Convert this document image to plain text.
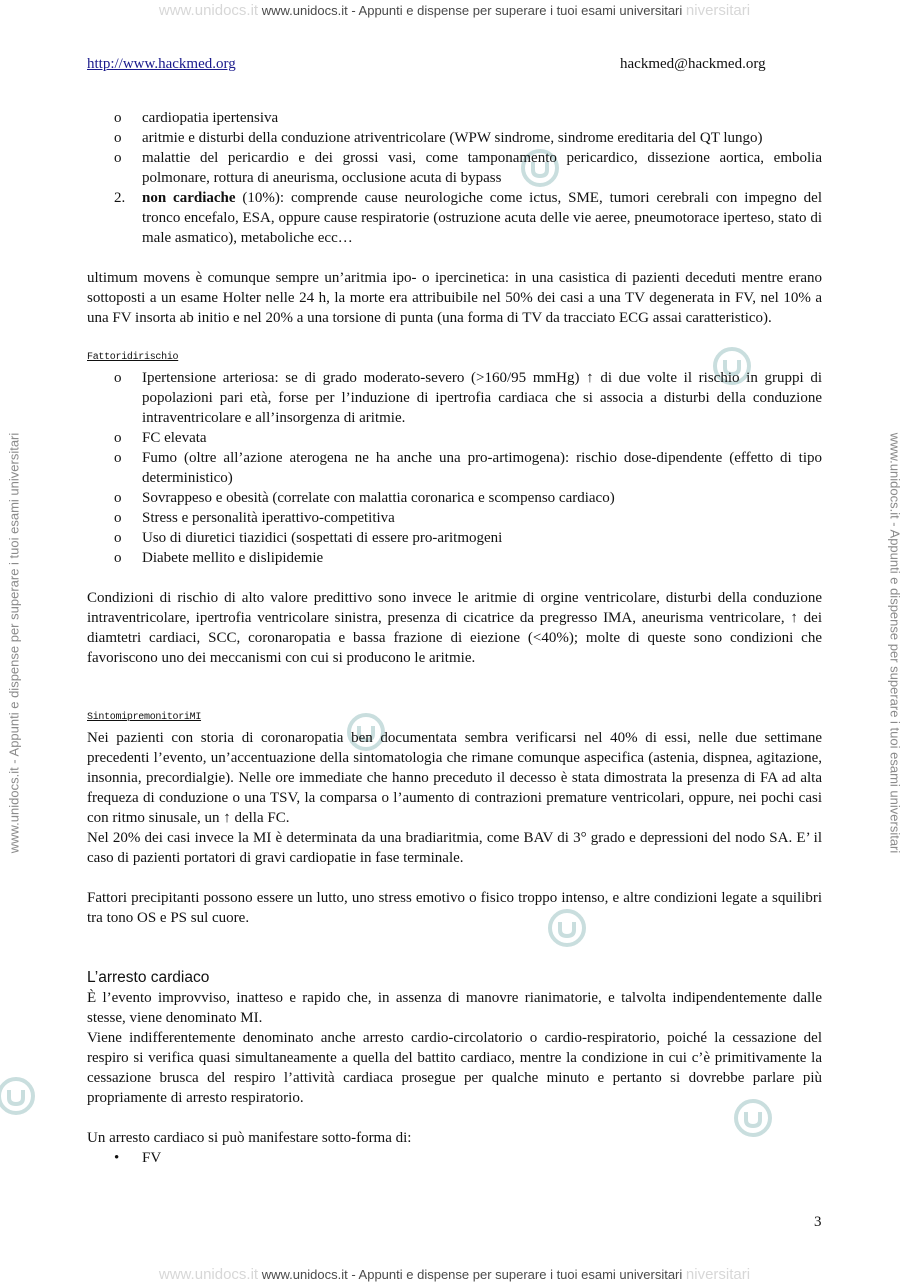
www.unidocs.it www.unidocs.it - Appunti e dispense per superare i tuoi esami universitari niversitari
www.unidocs.it - Appunti e dispense per superare i tuoi esami universitari	www.unidocs.it - Appunti e dispense per superare i tuoi esami universitari
http://www.hackmed.org	hackmed@hackmed.org
o cardiopatia ipertensiva
o aritmie e disturbi della conduzione atriventricolare (WPW sindrome, sindrome ereditaria del QT lungo)
o malattie del pericardio e dei grossi vasi, come tamponamento pericardico, dissezione aortica, embolia polmonare, rottura di aneurisma, occlusione acuta di bypass
2. non cardiache (10%): comprende cause neurologiche come ictus, SME, tumori cerebrali con impegno del tronco encefalo, ESA, oppure cause respiratorie (ostruzione acuta delle vie aeree, pneumotorace iperteso, stato di male asmatico), metaboliche ecc…

ultimum movens è comunque sempre un’aritmia ipo- o ipercinetica: in una casistica di pazienti deceduti mentre erano sottoposti a un esame Holter nelle 24 h, la morte era attribuibile nel 50% dei casi a una TV degenerata in FV, nel 10% a una FV insorta ab initio e nel 20% a una torsione di punta (una forma di TV da tracciato ECG assai caratteristico).

Fattoridirischio
o Ipertensione arteriosa: se di grado moderato-severo (>160/95 mmHg) ↑ di due volte il rischio in gruppi di popolazioni pari età, forse per l’induzione di ipertrofia cardiaca che si associa a disturbi della conduzione intraventricolare e all’insorgenza di aritmie.
o FC elevata
o Fumo (oltre all’azione aterogena ne ha anche una pro-artimogena): rischio dose-dipendente (effetto di tipo deterministico)
o Sovrappeso e obesità (correlate con malattia coronarica e scompenso cardiaco)
o Stress e personalità iperattivo-competitiva
o Uso di diuretici tiazidici (sospettati di essere pro-aritmogeni
o Diabete mellito e dislipidemie

Condizioni di rischio di alto valore predittivo sono invece le aritmie di orgine ventricolare, disturbi della conduzione intraventricolare, ipertrofia ventricolare sinistra, presenza di cicatrice da pregresso IMA, aneurisma ventricolare, ↑ dei diamtetri cardiaci, SCC, coronaropatia e bassa frazione di eiezione (<40%); molte di queste sono condizioni che favoriscono uno dei meccanismi con cui si producono le aritmie.

SintomipremonitoriMI

Nei pazienti con storia di coronaropatia ben documentata sembra verificarsi nel 40% di essi, nelle due settimane precedenti l’evento, un’accentuazione della sintomatologia che rimane comunque aspecifica (astenia, dispnea, agitazione, insonnia, precordialgie). Nelle ore immediate che hanno preceduto il decesso è stata dimostrata la presenza di FA ad alta frequeza di conduzione o una TSV, la comparsa o l’aumento di contrazioni premature ventricolari, oppure, nei pochi casi con ritmo sinusale, un ↑ della FC.

Nel 20% dei casi invece la MI è determinata da una bradiaritmia, come BAV di 3° grado e depressioni del nodo SA. E’ il caso di pazienti portatori di gravi cardiopatie in fase terminale.

Fattori precipitanti possono essere un lutto, uno stress emotivo o fisico troppo intenso, e altre condizioni legate a squilibri tra tono OS e PS sul cuore.

L’arresto cardiaco

È l’evento improvviso, inatteso e rapido che, in assenza di manovre rianimatorie, e talvolta indipendentemente dalle stesse, viene denominato MI.

Viene indifferentemente denominato anche arresto cardio-circolatorio o cardio-respiratorio, poiché la cessazione del respiro si verifica quasi simultaneamente a quella del battito cardiaco, mentre la condizione in cui c’è primitivamente la cessazione brusca del respiro l’attività cardiaca prosegue per qualche minuto e pertanto si dovrebbe parlare più propriamente di arresto respiratorio.

Un arresto cardiaco si può manifestare sotto-forma di:

• FV
3
www.unidocs.it www.unidocs.it - Appunti e dispense per superare i tuoi esami universitari niversitari
